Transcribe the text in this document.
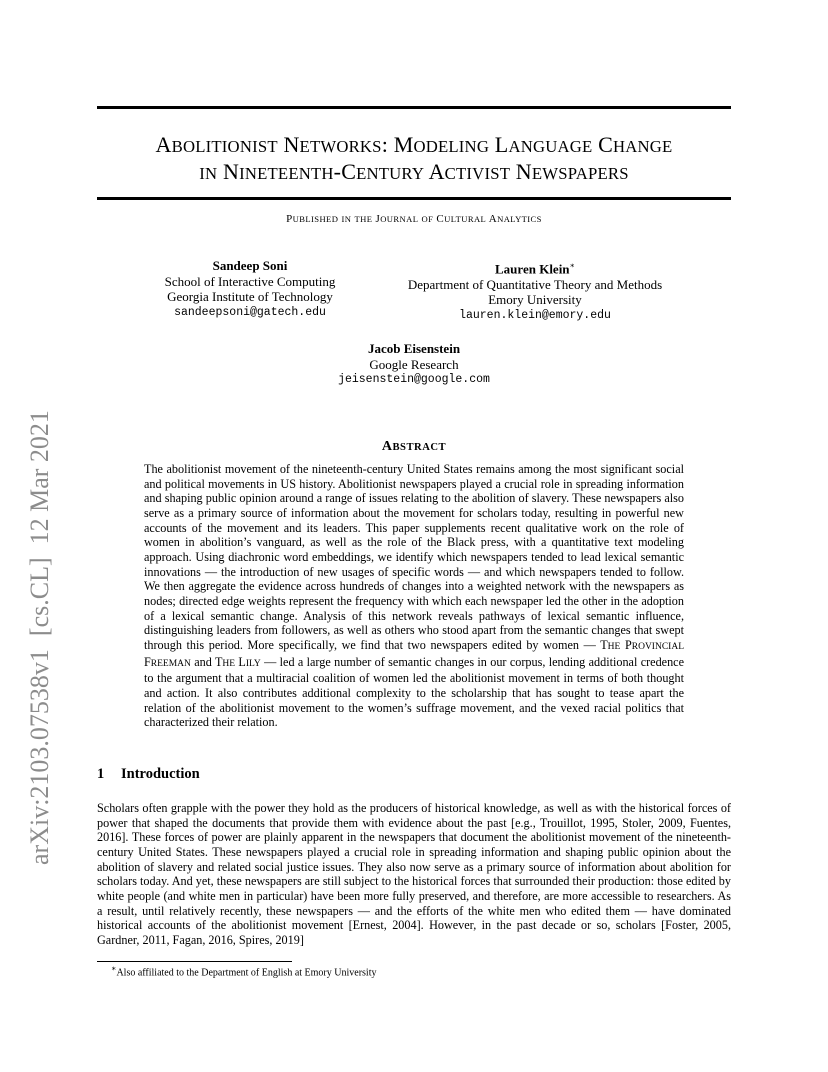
arXiv:2103.07538v1  [cs.CL]  12 Mar 2021
ABOLITIONIST NETWORKS: MODELING LANGUAGE CHANGE
IN NINETEENTH-CENTURY ACTIVIST NEWSPAPERS
PUBLISHED IN THE JOURNAL OF CULTURAL ANALYTICS
Sandeep Soni
School of Interactive Computing
Georgia Institute of Technology
sandeepsoni@gatech.edu
Lauren Klein∗
Department of Quantitative Theory and Methods
Emory University
lauren.klein@emory.edu
Jacob Eisenstein
Google Research
jeisenstein@google.com
ABSTRACT
The abolitionist movement of the nineteenth-century United States remains among the most significant social and political movements in US history. Abolitionist newspapers played a crucial role in spreading information and shaping public opinion around a range of issues relating to the abolition of slavery. These newspapers also serve as a primary source of information about the movement for scholars today, resulting in powerful new accounts of the movement and its leaders. This paper supplements recent qualitative work on the role of women in abolition’s vanguard, as well as the role of the Black press, with a quantitative text modeling approach. Using diachronic word embeddings, we identify which newspapers tended to lead lexical semantic innovations — the introduction of new usages of specific words — and which newspapers tended to follow. We then aggregate the evidence across hundreds of changes into a weighted network with the newspapers as nodes; directed edge weights represent the frequency with which each newspaper led the other in the adoption of a lexical semantic change. Analysis of this network reveals pathways of lexical semantic influence, distinguishing leaders from followers, as well as others who stood apart from the semantic changes that swept through this period. More specifically, we find that two newspapers edited by women — THE PROVINCIAL FREEMAN and THE LILY — led a large number of semantic changes in our corpus, lending additional credence to the argument that a multiracial coalition of women led the abolitionist movement in terms of both thought and action. It also contributes additional complexity to the scholarship that has sought to tease apart the relation of the abolitionist movement to the women’s suffrage movement, and the vexed racial politics that characterized their relation.
1 Introduction
Scholars often grapple with the power they hold as the producers of historical knowledge, as well as with the historical forces of power that shaped the documents that provide them with evidence about the past [e.g., Trouillot, 1995, Stoler, 2009, Fuentes, 2016]. These forces of power are plainly apparent in the newspapers that document the abolitionist movement of the nineteenth-century United States. These newspapers played a crucial role in spreading information and shaping public opinion about the abolition of slavery and related social justice issues. They also now serve as a primary source of information about abolition for scholars today. And yet, these newspapers are still subject to the historical forces that surrounded their production: those edited by white people (and white men in particular) have been more fully preserved, and therefore, are more accessible to researchers. As a result, until relatively recently, these newspapers — and the efforts of the white men who edited them — have dominated historical accounts of the abolitionist movement [Ernest, 2004]. However, in the past decade or so, scholars [Foster, 2005, Gardner, 2011, Fagan, 2016, Spires, 2019]
∗Also affiliated to the Department of English at Emory University
